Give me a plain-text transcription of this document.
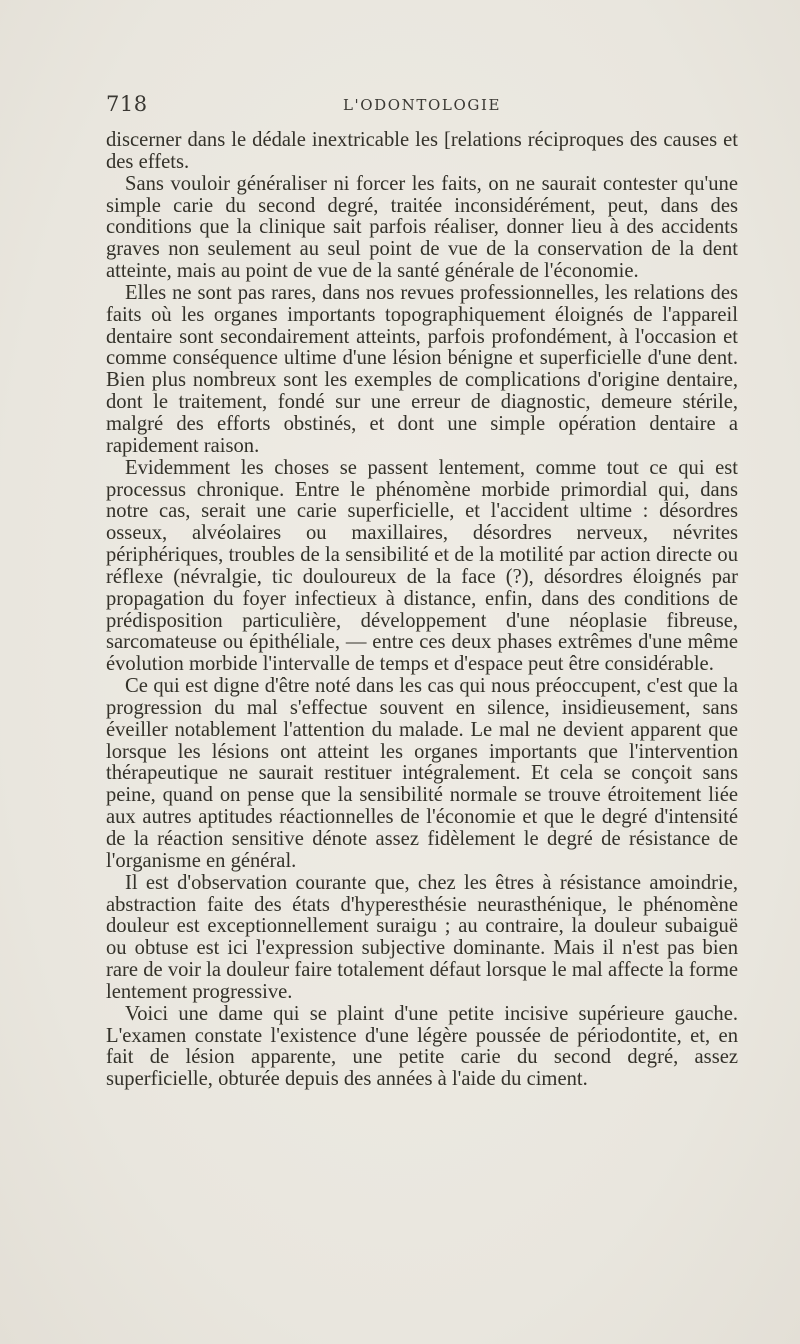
718	L'ODONTOLOGIE

discerner dans le dédale inextricable les [relations réciproques des causes et des effets.

Sans vouloir généraliser ni forcer les faits, on ne saurait contester qu'une simple carie du second degré, traitée inconsidérément, peut, dans des conditions que la clinique sait parfois réaliser, donner lieu à des accidents graves non seulement au seul point de vue de la conservation de la dent atteinte, mais au point de vue de la santé générale de l'économie.

Elles ne sont pas rares, dans nos revues professionnelles, les relations des faits où les organes importants topographiquement éloignés de l'appareil dentaire sont secondairement atteints, parfois profondément, à l'occasion et comme conséquence ultime d'une lésion bénigne et superficielle d'une dent. Bien plus nombreux sont les exemples de complications d'origine dentaire, dont le traitement, fondé sur une erreur de diagnostic, demeure stérile, malgré des efforts obstinés, et dont une simple opération dentaire a rapidement raison.

Evidemment les choses se passent lentement, comme tout ce qui est processus chronique. Entre le phénomène morbide primordial qui, dans notre cas, serait une carie superficielle, et l'accident ultime : désordres osseux, alvéolaires ou maxillaires, désordres nerveux, névrites périphériques, troubles de la sensibilité et de la motilité par action directe ou réflexe (névralgie, tic douloureux de la face (?), désordres éloignés par propagation du foyer infectieux à distance, enfin, dans des conditions de prédisposition particulière, développement d'une néoplasie fibreuse, sarcomateuse ou épithéliale, — entre ces deux phases extrêmes d'une même évolution morbide l'intervalle de temps et d'espace peut être considérable.

Ce qui est digne d'être noté dans les cas qui nous préoccupent, c'est que la progression du mal s'effectue souvent en silence, insidieusement, sans éveiller notablement l'attention du malade. Le mal ne devient apparent que lorsque les lésions ont atteint les organes importants que l'intervention thérapeutique ne saurait restituer intégralement. Et cela se conçoit sans peine, quand on pense que la sensibilité normale se trouve étroitement liée aux autres aptitudes réactionnelles de l'économie et que le degré d'intensité de la réaction sensitive dénote assez fidèlement le degré de résistance de l'organisme en général.

Il est d'observation courante que, chez les êtres à résistance amoindrie, abstraction faite des états d'hyperesthésie neurasthénique, le phénomène douleur est exceptionnellement suraigu ; au contraire, la douleur subaiguë ou obtuse est ici l'expression subjective dominante. Mais il n'est pas bien rare de voir la douleur faire totalement défaut lorsque le mal affecte la forme lentement progressive.

Voici une dame qui se plaint d'une petite incisive supérieure gauche. L'examen constate l'existence d'une légère poussée de périodontite, et, en fait de lésion apparente, une petite carie du second degré, assez superficielle, obturée depuis des années à l'aide du ciment.
